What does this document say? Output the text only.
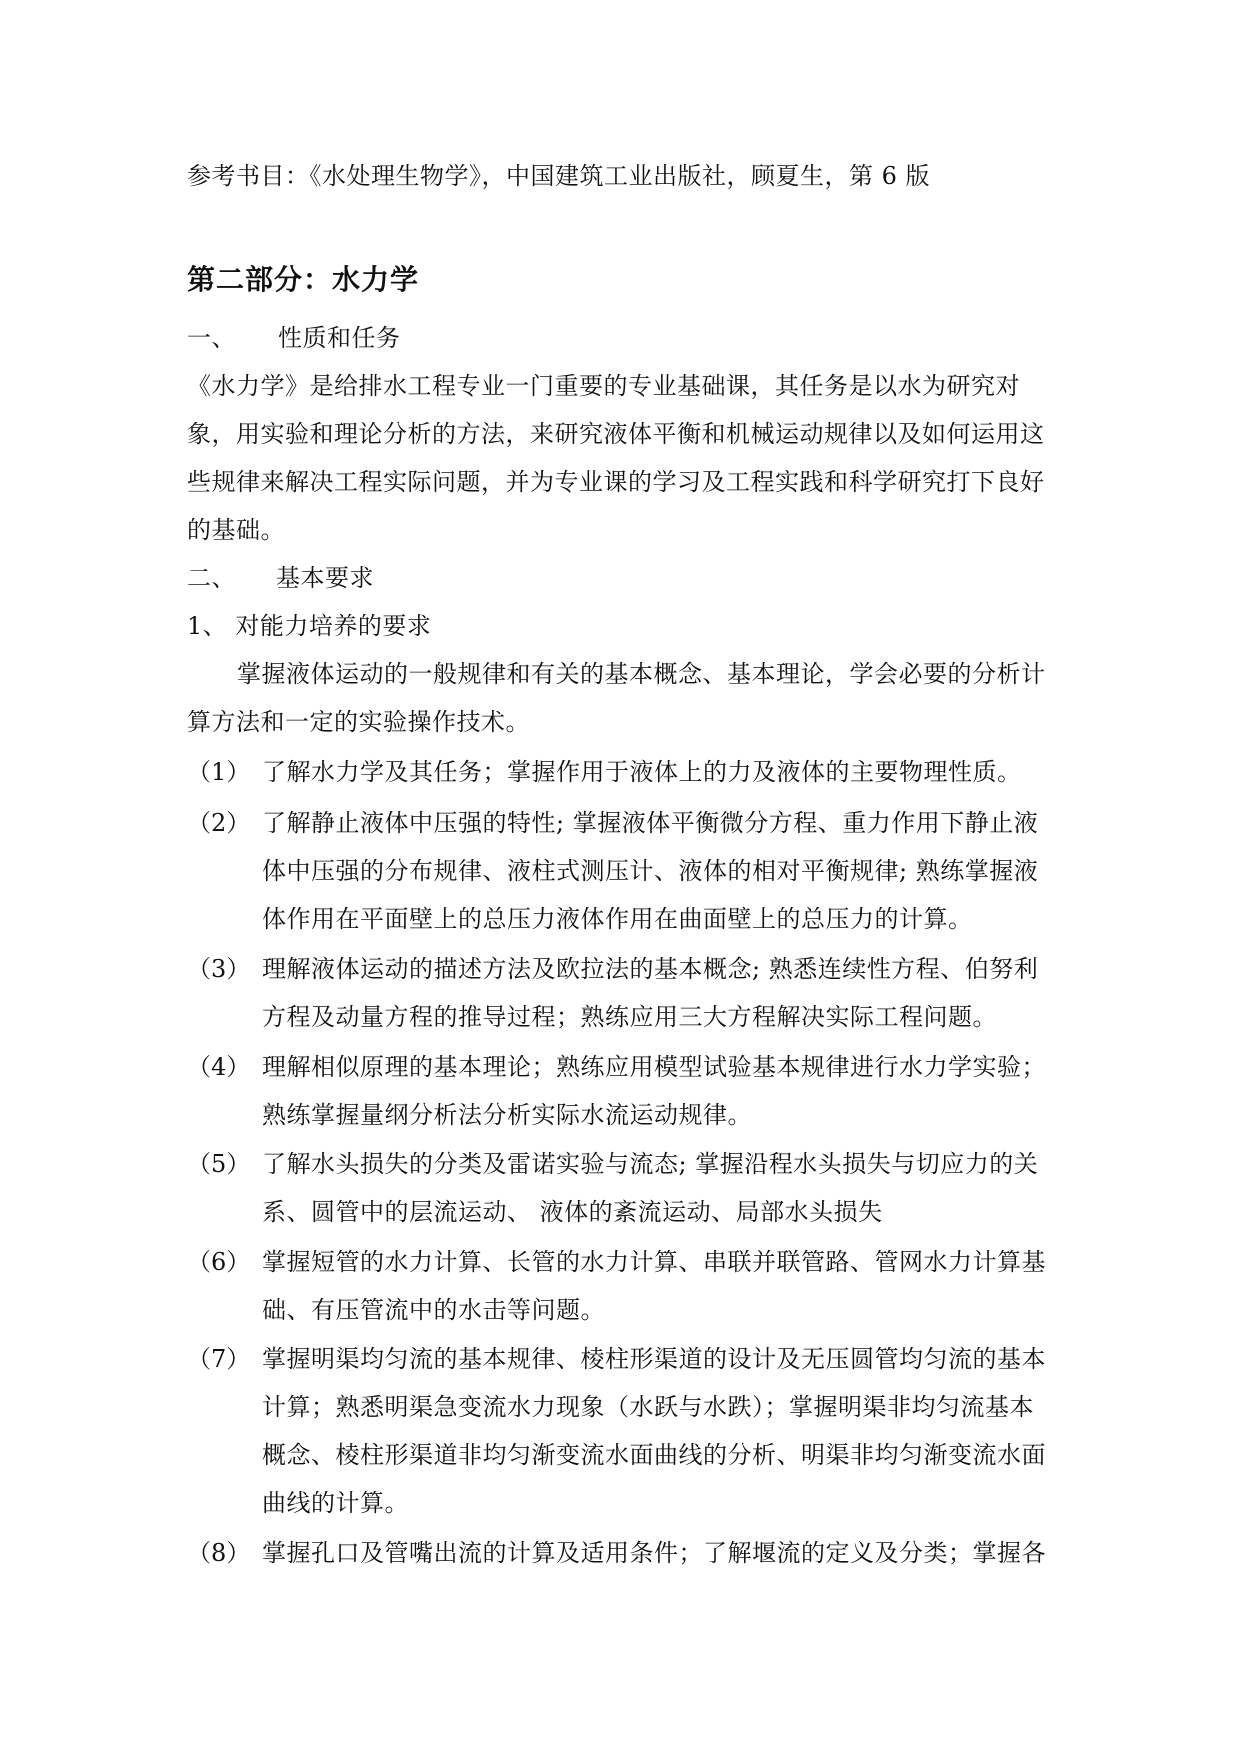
参考书目：《水处理生物学》，中国建筑工业出版社，顾夏生，第 6 版
第二部分：水力学
一、 性质和任务
《水力学》是给排水工程专业一门重要的专业基础课，其任务是以水为研究对
象，用实验和理论分析的方法，来研究液体平衡和机械运动规律以及如何运用这
些规律来解决工程实际问题，并为专业课的学习及工程实践和科学研究打下良好
的基础。
二、 基本要求
1、 对能力培养的要求
掌握液体运动的一般规律和有关的基本概念、基本理论，学会必要的分析计
算方法和一定的实验操作技术。
（1） 了解水力学及其任务；掌握作用于液体上的力及液体的主要物理性质。
（2） 了解静止液体中压强的特性; 掌握液体平衡微分方程、重力作用下静止液
体中压强的分布规律、液柱式测压计、液体的相对平衡规律; 熟练掌握液
体作用在平面壁上的总压力液体作用在曲面壁上的总压力的计算。
（3） 理解液体运动的描述方法及欧拉法的基本概念; 熟悉连续性方程、伯努利
方程及动量方程的推导过程；熟练应用三大方程解决实际工程问题。
（4） 理解相似原理的基本理论；熟练应用模型试验基本规律进行水力学实验；
熟练掌握量纲分析法分析实际水流运动规律。
（5） 了解水头损失的分类及雷诺实验与流态; 掌握沿程水头损失与切应力的关
系、圆管中的层流运动、 液体的紊流运动、局部水头损失
（6） 掌握短管的水力计算、长管的水力计算、串联并联管路、管网水力计算基
础、有压管流中的水击等问题。
（7） 掌握明渠均匀流的基本规律、棱柱形渠道的设计及无压圆管均匀流的基本
计算；熟悉明渠急变流水力现象（水跃与水跌）；掌握明渠非均匀流基本
概念、棱柱形渠道非均匀渐变流水面曲线的分析、明渠非均匀渐变流水面
曲线的计算。
（8） 掌握孔口及管嘴出流的计算及适用条件；了解堰流的定义及分类；掌握各
